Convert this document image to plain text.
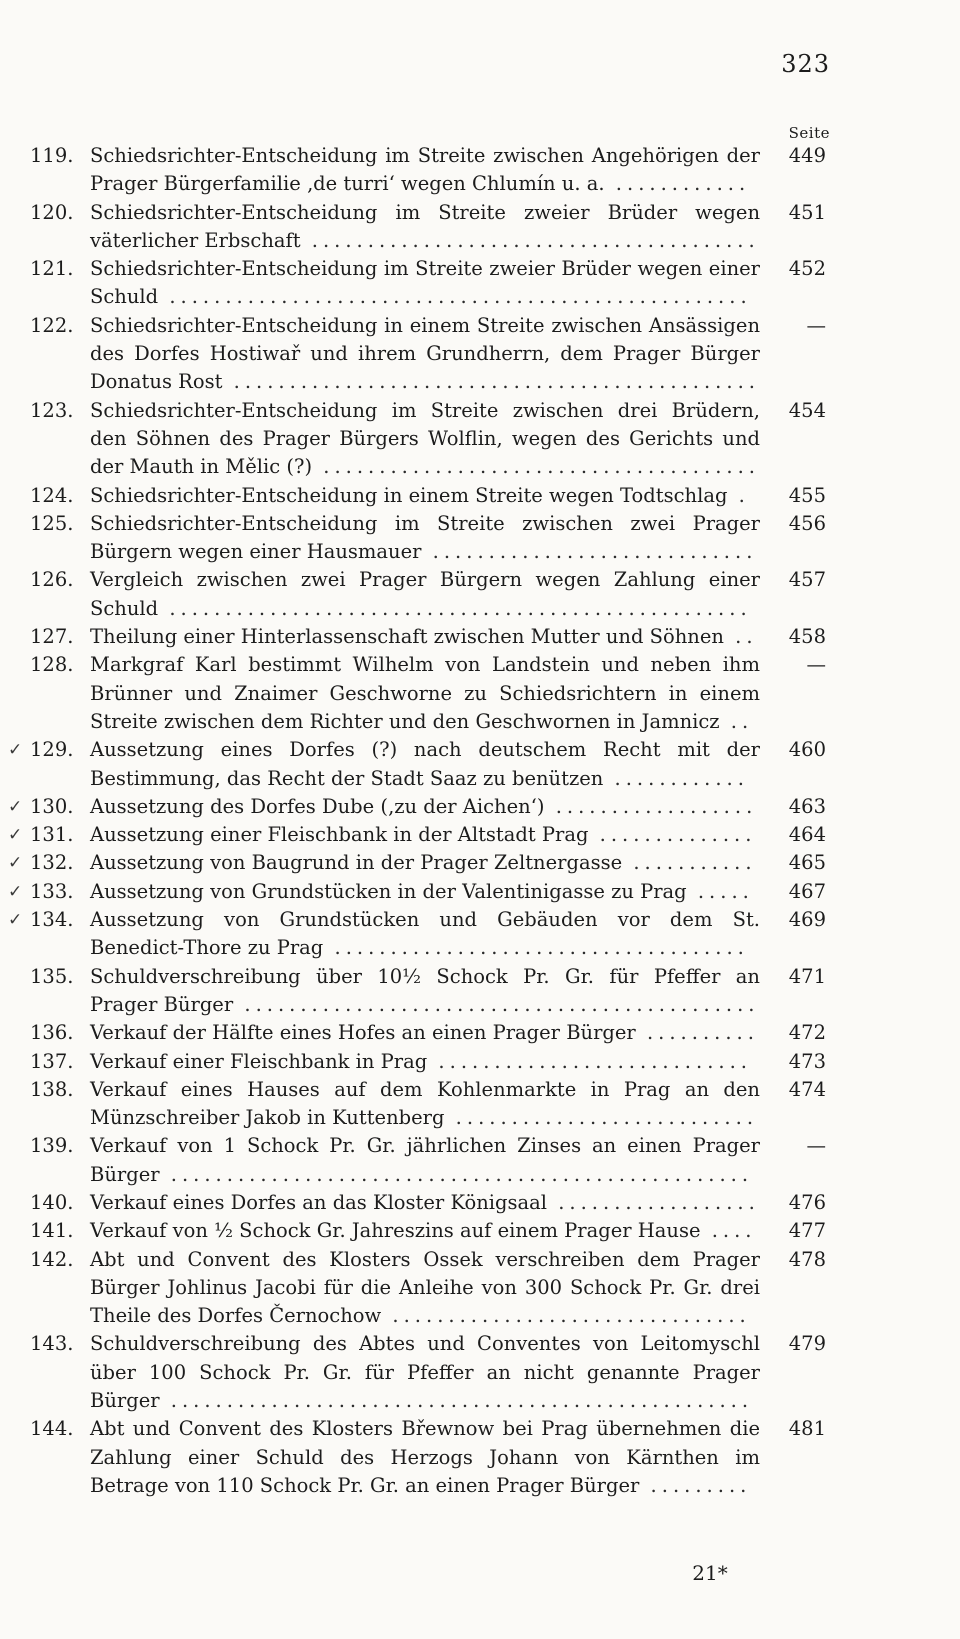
323
Seite
119. Schiedsrichter-Entscheidung im Streite zwischen Angehörigen der Prager Bürgerfamilie ‚de turri‘ wegen Chlumín u. a. ............
449
120. Schiedsrichter-Entscheidung im Streite zweier Brüder wegen väterlicher Erbschaft ........................................
451
121. Schiedsrichter-Entscheidung im Streite zweier Brüder wegen einer Schuld ....................................................
452
122. Schiedsrichter-Entscheidung in einem Streite zwischen Ansässigen des Dorfes Hostiwař und ihrem Grundherrn, dem Prager Bürger Donatus Rost ...............................................
—
123. Schiedsrichter-Entscheidung im Streite zwischen drei Brüdern, den Söhnen des Prager Bürgers Wolflin, wegen des Gerichts und der Mauth in Mělic (?) .......................................
454
124. Schiedsrichter-Entscheidung in einem Streite wegen Todtschlag .	455
125. Schiedsrichter-Entscheidung im Streite zwischen zwei Prager Bürgern wegen einer Hausmauer .............................
456
126. Vergleich zwischen zwei Prager Bürgern wegen Zahlung einer Schuld ....................................................
457
127. Theilung einer Hinterlassenschaft zwischen Mutter und Söhnen ..	458
128. Markgraf Karl bestimmt Wilhelm von Landstein und neben ihm Brünner und Znaimer Geschworne zu Schiedsrichtern in einem Streite zwischen dem Richter und den Geschwornen in Jamnicz ..
—
✓ 129. Aussetzung eines Dorfes (?) nach deutschem Recht mit der Bestimmung, das Recht der Stadt Saaz zu benützen ............
460
✓ 130. Aussetzung des Dorfes Dube (‚zu der Aichen‘) ..................	463
✓ 131. Aussetzung einer Fleischbank in der Altstadt Prag ..............	464
✓ 132. Aussetzung von Baugrund in der Prager Zeltnergasse ...........	465
✓ 133. Aussetzung von Grundstücken in der Valentinigasse zu Prag .....	467
✓ 134. Aussetzung von Grundstücken und Gebäuden vor dem St. Benedict-Thore zu Prag .....................................
469
135. Schuldverschreibung über 10½ Schock Pr. Gr. für Pfeffer an Prager Bürger ..............................................
471
136. Verkauf der Hälfte eines Hofes an einen Prager Bürger ..........	472
137. Verkauf einer Fleischbank in Prag ............................	473
138. Verkauf eines Hauses auf dem Kohlenmarkte in Prag an den Münzschreiber Jakob in Kuttenberg ...........................
474
139. Verkauf von 1 Schock Pr. Gr. jährlichen Zinses an einen Prager Bürger ....................................................
—
140. Verkauf eines Dorfes an das Kloster Königsaal ..................	476
141. Verkauf von ½ Schock Gr. Jahreszins auf einem Prager Hause ....	477
142. Abt und Convent des Klosters Ossek verschreiben dem Prager Bürger Johlinus Jacobi für die Anleihe von 300 Schock Pr. Gr. drei Theile des Dorfes Černochow ................................
478
143. Schuldverschreibung des Abtes und Conventes von Leitomyschl über 100 Schock Pr. Gr. für Pfeffer an nicht genannte Prager Bürger ....................................................
479
144. Abt und Convent des Klosters Břewnow bei Prag übernehmen die Zahlung einer Schuld des Herzogs Johann von Kärnthen im Betrage von 110 Schock Pr. Gr. an einen Prager Bürger .........
481
21*
